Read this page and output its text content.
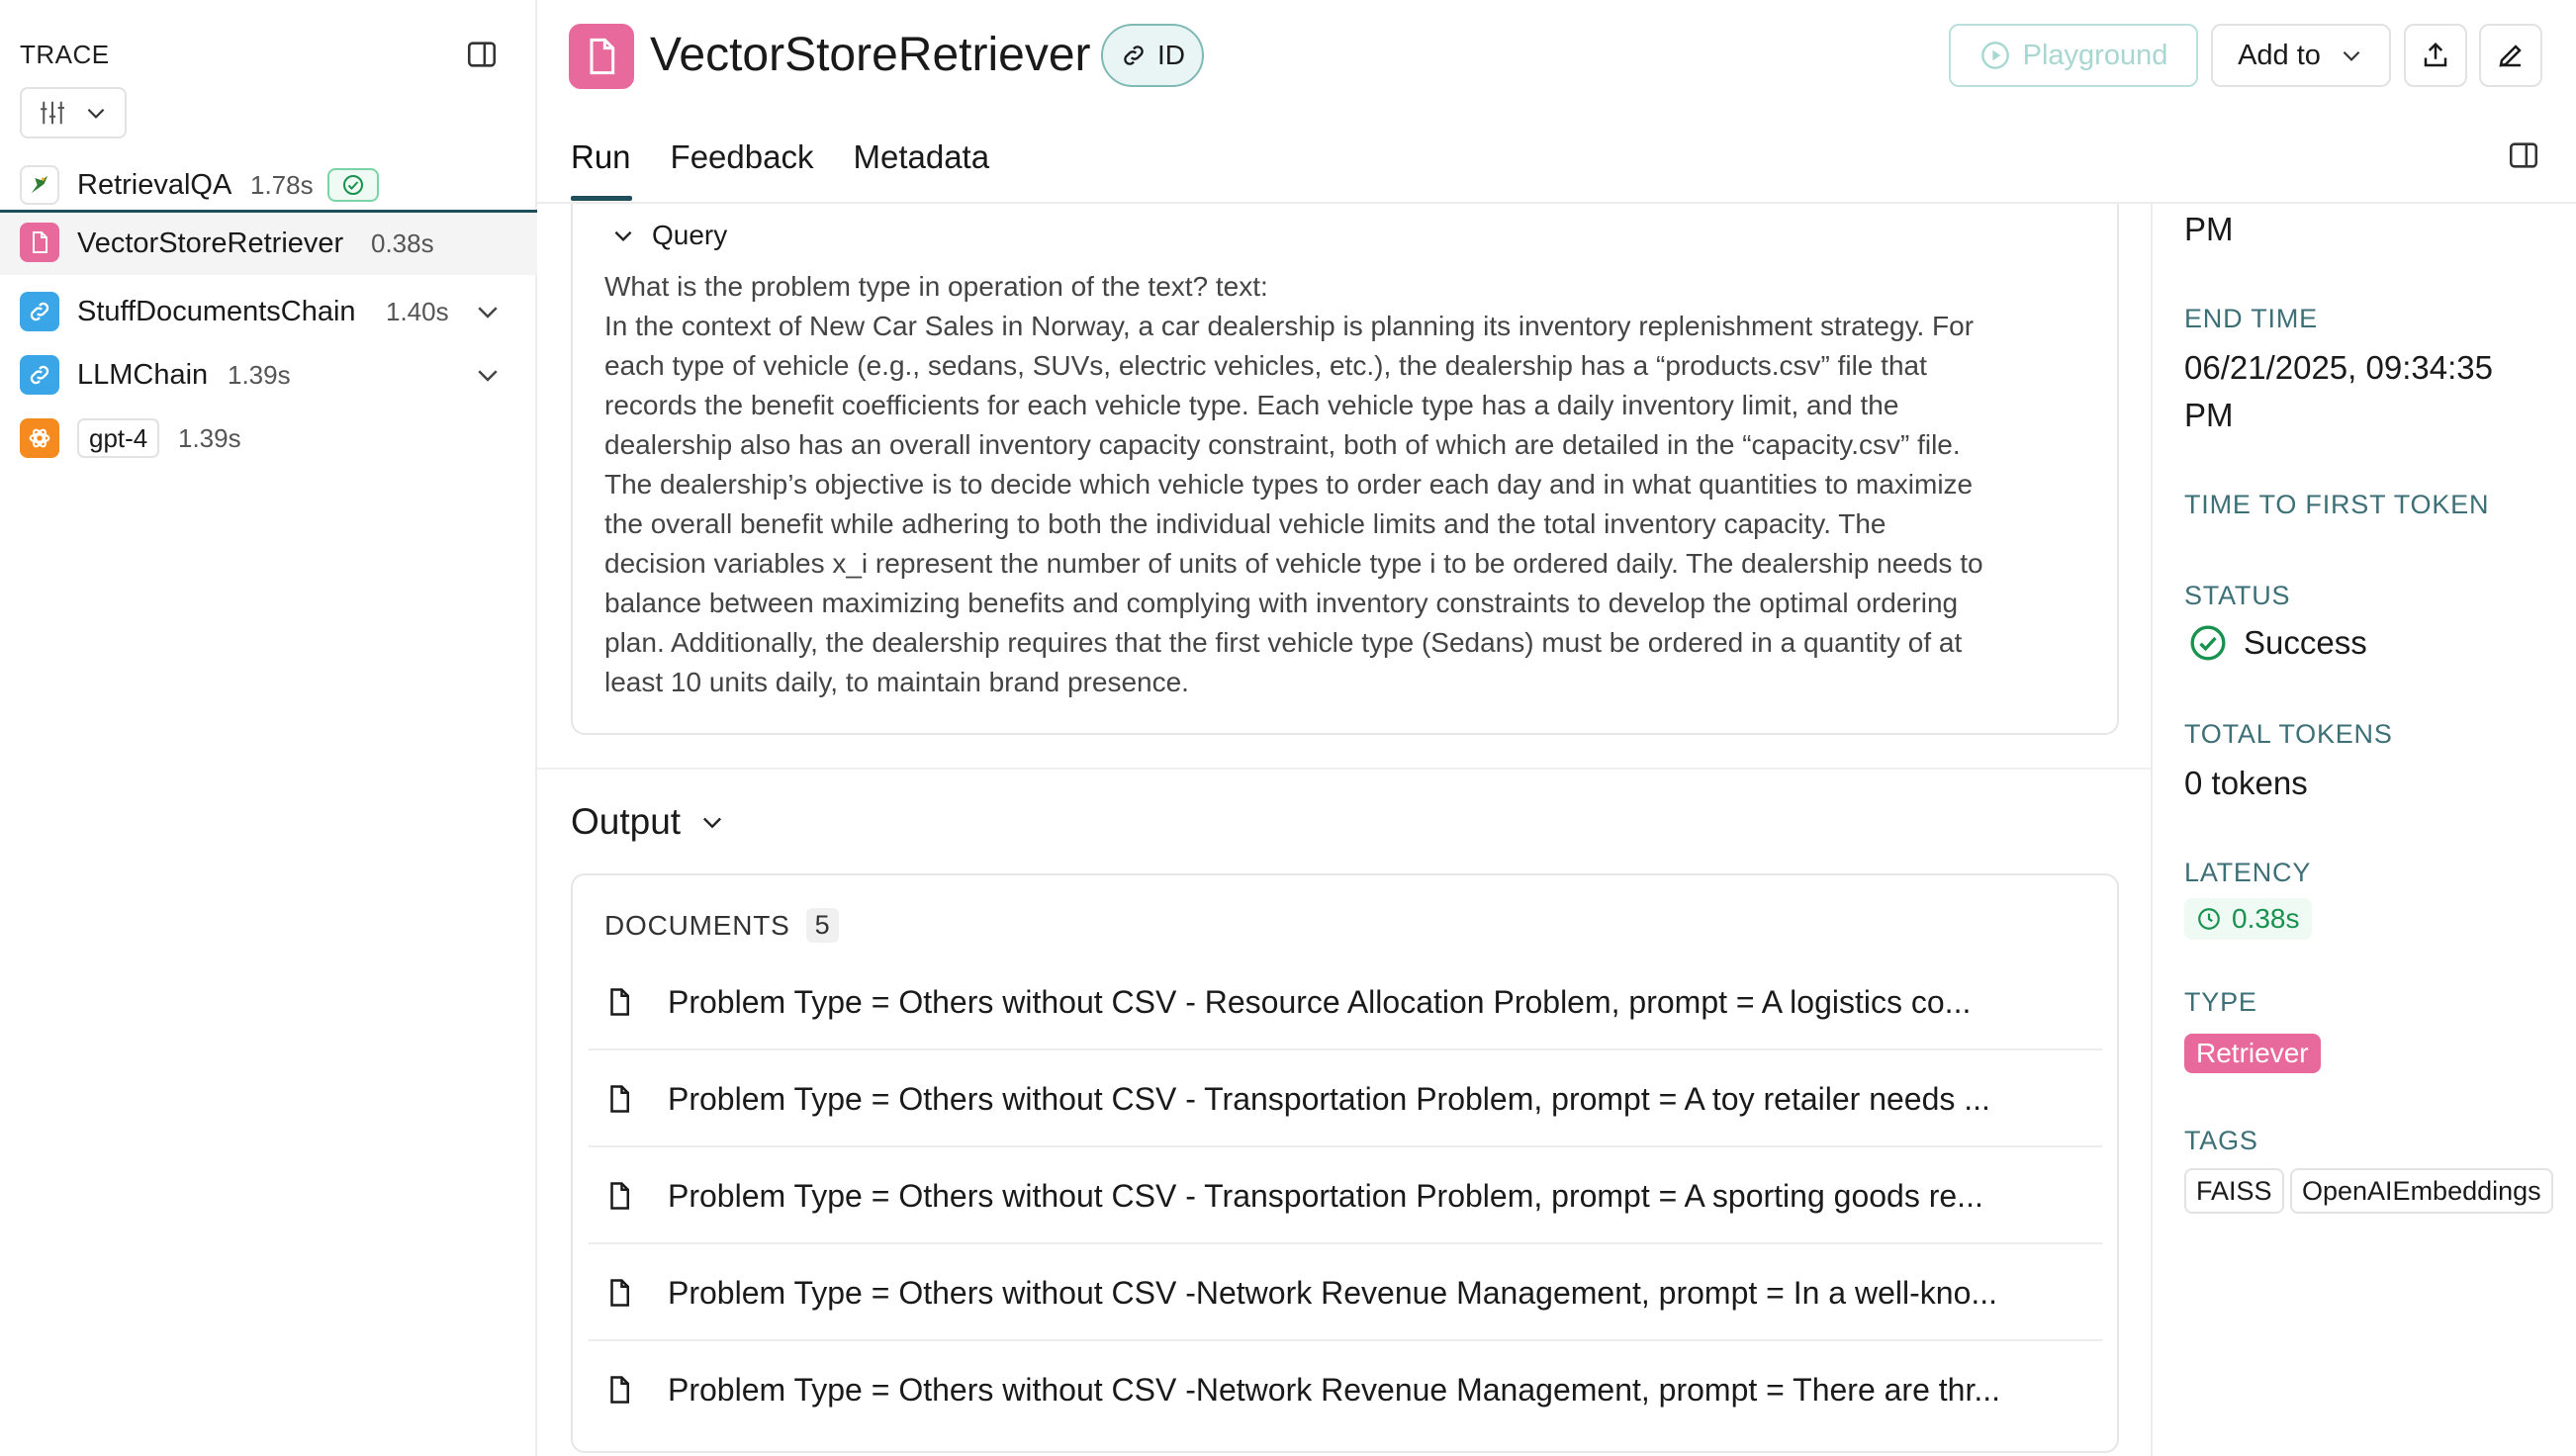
TRACE
RetrievalQA 1.78s
VectorStoreRetriever 0.38s
StuffDocumentsChain 1.40s
LLMChain 1.39s
gpt-4	1.39s
VectorStoreRetriever ID	Playground Add to
Run Feedback Metadata
Query
What is the problem type in operation of the text? text:
In the context of New Car Sales in Norway, a car dealership is planning its inventory replenishment strategy. For
each type of vehicle (e.g., sedans, SUVs, electric vehicles, etc.), the dealership has a “products.csv” file that
records the benefit coefficients for each vehicle type. Each vehicle type has a daily inventory limit, and the
dealership also has an overall inventory capacity constraint, both of which are detailed in the “capacity.csv” file.
The dealership’s objective is to decide which vehicle types to order each day and in what quantities to maximize
the overall benefit while adhering to both the individual vehicle limits and the total inventory capacity. The
decision variables x_i represent the number of units of vehicle type i to be ordered daily. The dealership needs to
balance between maximizing benefits and complying with inventory constraints to develop the optimal ordering
plan. Additionally, the dealership requires that the first vehicle type (Sedans) must be ordered in a quantity of at
least 10 units daily, to maintain brand presence.
Output
DOCUMENTS 5
Problem Type = Others without CSV - Resource Allocation Problem, prompt = A logistics co...
Problem Type = Others without CSV - Transportation Problem, prompt = A toy retailer needs ...
Problem Type = Others without CSV - Transportation Problem, prompt = A sporting goods re...
Problem Type = Others without CSV -Network Revenue Management, prompt = In a well-kno...
Problem Type = Others without CSV -Network Revenue Management, prompt = There are thr...
PM
END TIME
06/21/2025, 09:34:35
PM
TIME TO FIRST TOKEN
STATUS
Success
TOTAL TOKENS
0 tokens
LATENCY
0.38s
TYPE
Retriever
TAGS
FAISS	OpenAIEmbeddings
